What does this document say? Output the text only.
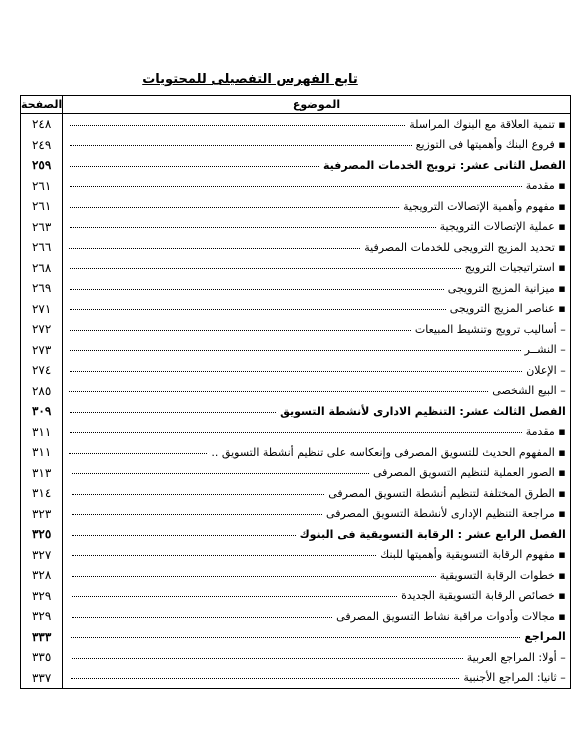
تابع الفهرس التفصيلى للمحتويات
الموضوع	الصفحة
▪ تنمية العلاقة مع البنوك المراسلة	٢٤٨
▪ فروع البنك وأهميتها فى التوزيع	٢٤٩
الفصل الثانى عشر: ترويج الخدمات المصرفية	٢٥٩
▪ مقدمة	٢٦١
▪ مفهوم وأهمية الإتصالات الترويجية	٢٦١
▪ عملية الإتصالات الترويجية	٢٦٣
▪ تحديد المزيج الترويجى للخدمات المصرفية	٢٦٦
▪ استراتيجيات الترويج	٢٦٨
▪ ميزانية المزيج الترويجى	٢٦٩
▪ عناصر المزيج الترويجى	٢٧١
– أساليب ترويج وتنشيط المبيعات	٢٧٢
– النشــر	٢٧٣
– الإعلان	٢٧٤
– البيع الشخصى	٢٨٥
الفصل الثالث عشر: التنظيم الادارى لأنشطة التسويق	٣٠٩
▪ مقدمة	٣١١
▪ المفهوم الحديث للتسويق المصرفى وإنعكاسه على تنظيم أنشطة التسويق ..	٣١١
▪ الصور العملية لتنظيم التسويق المصرفى	٣١٣
▪ الطرق المختلفة لتنظيم أنشطة التسويق المصرفى	٣١٤
▪ مراجعة التنظيم الإدارى لأنشطة التسويق المصرفى	٣٢٣
الفصل الرابع عشر : الرقابة التسويقية فى البنوك	٣٢٥
▪ مفهوم الرقابة التسويقية وأهميتها للبنك	٣٢٧
▪ خطوات الرقابة التسويقية	٣٢٨
▪ خصائص الرقابة التسويقية الجديدة	٣٢٩
▪ مجالات وأدوات مراقبة نشاط التسويق المصرفى	٣٢٩
المراجع	٣٣٣
– أولا: المراجع العربية	٣٣٥
– ثانيا: المراجع الأجنبية	٣٣٧
